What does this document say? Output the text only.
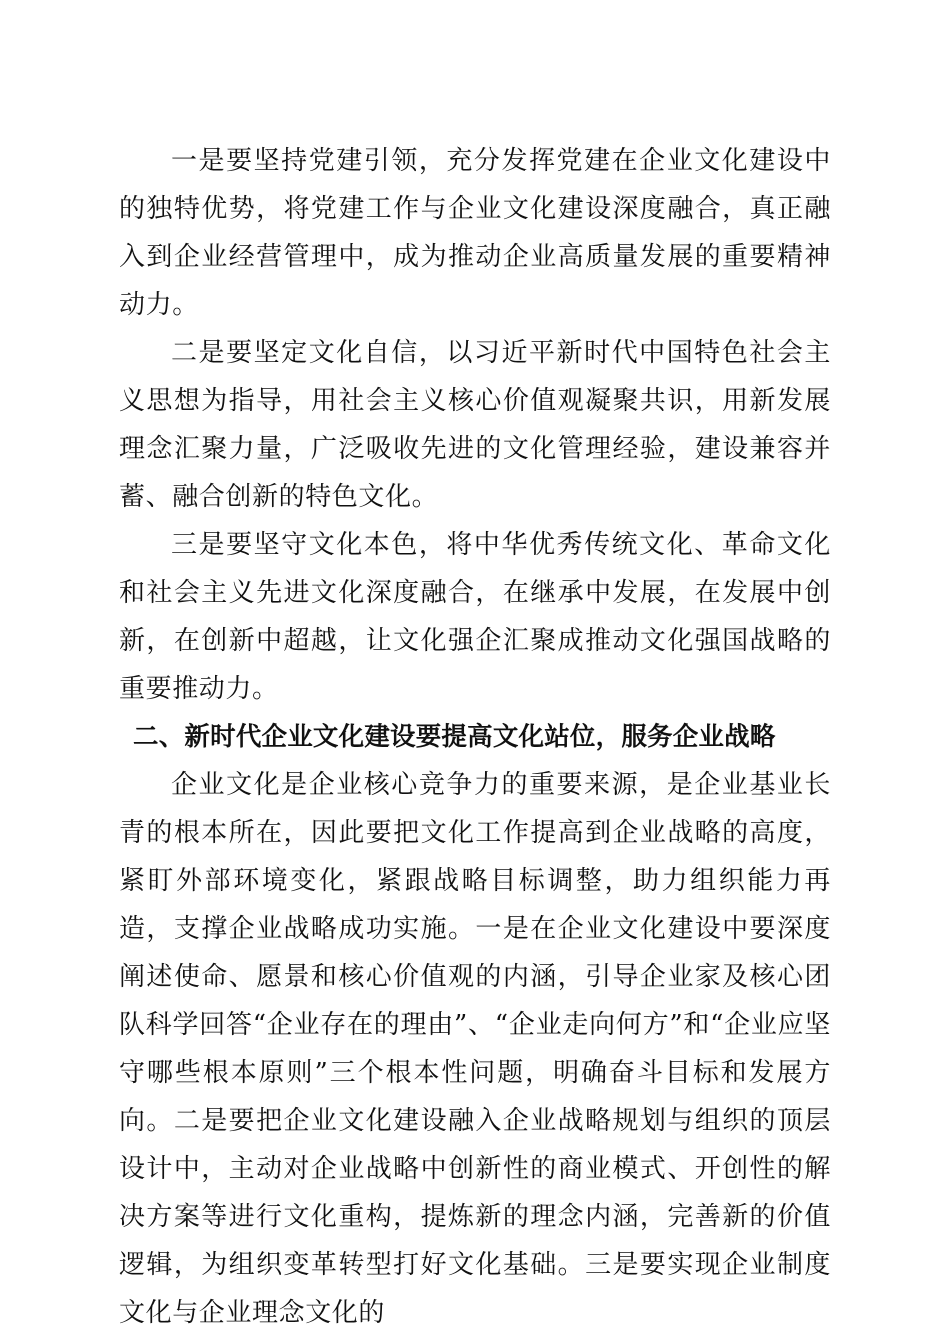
一是要坚持党建引领，充分发挥党建在企业文化建设中的独特优势，将党建工作与企业文化建设深度融合，真正融入到企业经营管理中，成为推动企业高质量发展的重要精神动力。

二是要坚定文化自信，以习近平新时代中国特色社会主义思想为指导，用社会主义核心价值观凝聚共识，用新发展理念汇聚力量，广泛吸收先进的文化管理经验，建设兼容并蓄、融合创新的特色文化。

三是要坚守文化本色，将中华优秀传统文化、革命文化和社会主义先进文化深度融合，在继承中发展，在发展中创新，在创新中超越，让文化强企汇聚成推动文化强国战略的重要推动力。

二、新时代企业文化建设要提高文化站位，服务企业战略

企业文化是企业核心竞争力的重要来源，是企业基业长青的根本所在，因此要把文化工作提高到企业战略的高度，紧盯外部环境变化，紧跟战略目标调整，助力组织能力再造，支撑企业战略成功实施。一是在企业文化建设中要深度阐述使命、愿景和核心价值观的内涵，引导企业家及核心团队科学回答“企业存在的理由”、“企业走向何方”和“企业应坚守哪些根本原则”三个根本性问题，明确奋斗目标和发展方向。二是要把企业文化建设融入企业战略规划与组织的顶层设计中，主动对企业战略中创新性的商业模式、开创性的解决方案等进行文化重构，提炼新的理念内涵，完善新的价值逻辑，为组织变革转型打好文化基础。三是要实现企业制度文化与企业理念文化的
